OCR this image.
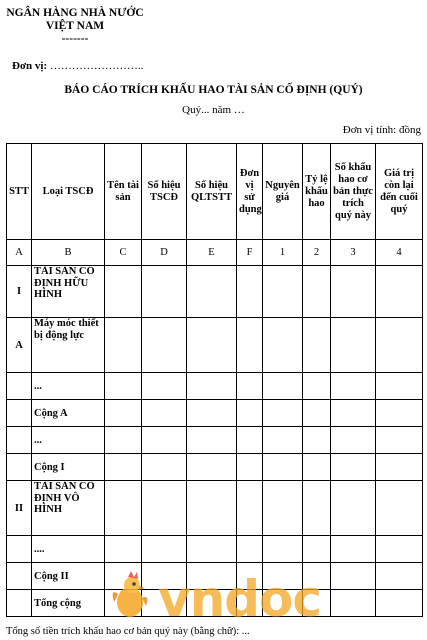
NGÂN HÀNG NHÀ NƯỚC
VIỆT NAM
-------
Đơn vị: ……………………..
BÁO CÁO TRÍCH KHẤU HAO TÀI SẢN CỐ ĐỊNH (QUÝ)
Quý... năm …
Đơn vị tính: đồng
STT	Loại TSCĐ	Tên tài sản	Số hiệu TSCĐ	Số hiệu QLTSTT	Đơn vị sử dụng	Nguyên giá	Tỷ lệ khấu hao	Số khấu hao cơ bản thực trích quý này	Giá trị còn lại đến cuối quý
A	B	C	D	E	F	1	2	3	4
I	TÀI SẢN CỐ ĐỊNH HỮU HÌNH								
A	Máy móc thiết bị động lực								
	...								
	Cộng A								
	...								
	Cộng I								
II	TÀI SẢN CỐ ĐỊNH VÔ HÌNH								
	....								
	Cộng II								
	Tổng cộng								vndoc
Tổng số tiền trích khấu hao cơ bản quý này (bằng chữ): ...
